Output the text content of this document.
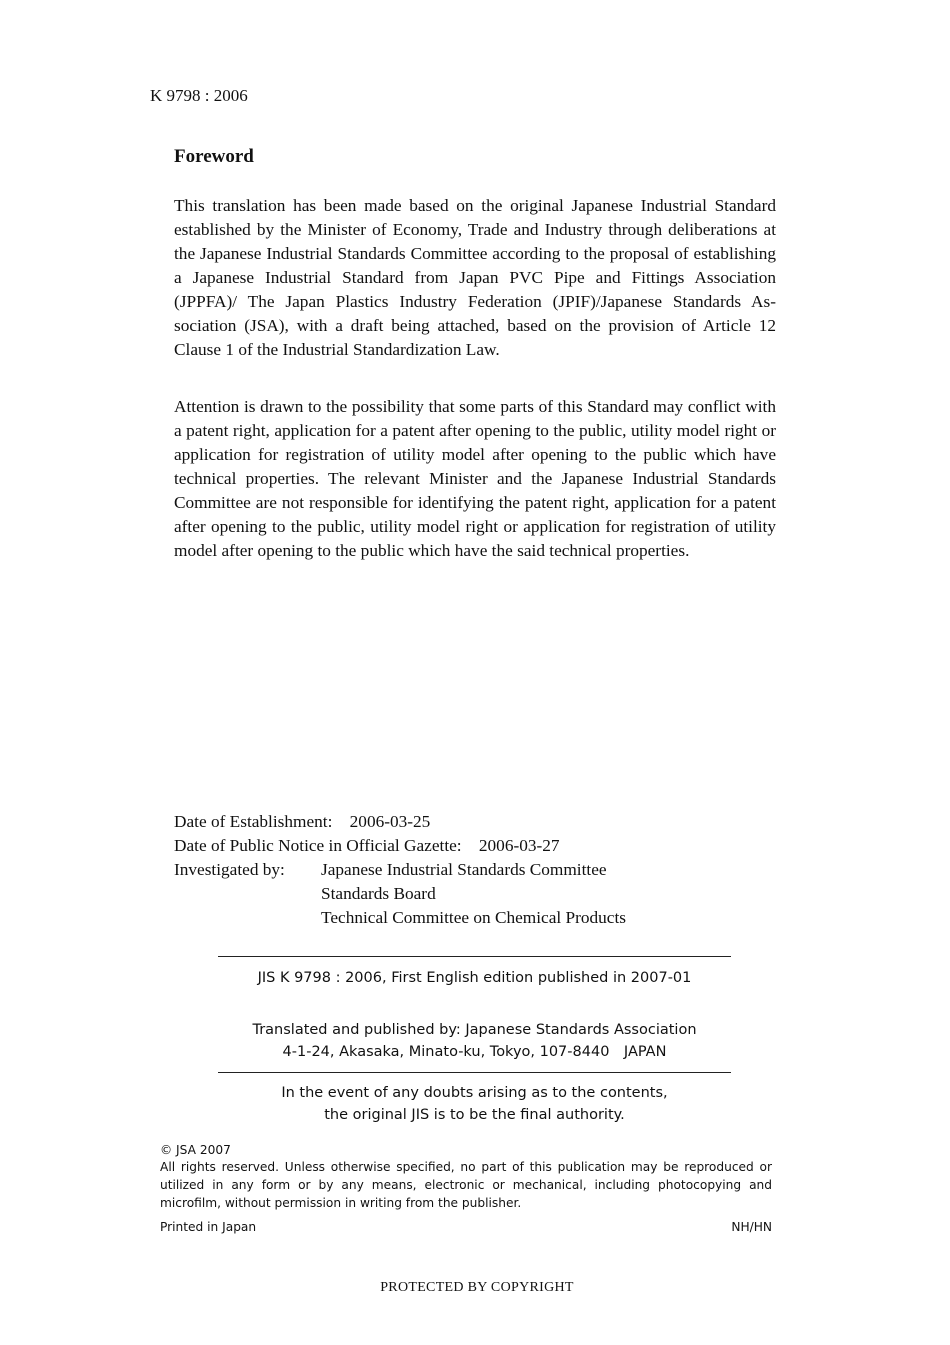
K 9798 : 2006
Foreword
This translation has been made based on the original Japanese Industrial Standard established by the Minister of Economy, Trade and Industry through deliberations at the Japanese Industrial Standards Committee according to the proposal of establishing a Japanese Industrial Standard from Japan PVC Pipe and Fittings Association (JPPFA)/ The Japan Plastics Industry Federation (JPIF)/Japanese Standards Association (JSA), with a draft being attached, based on the provision of Article 12 Clause 1 of the Industrial Standardization Law.
Attention is drawn to the possibility that some parts of this Standard may conflict with a patent right, application for a patent after opening to the public, utility model right or application for registration of utility model after opening to the public which have technical properties. The relevant Minister and the Japanese Industrial Standards Committee are not responsible for identifying the patent right, application for a patent after opening to the public, utility model right or application for registration of utility model after opening to the public which have the said technical properties.
Date of Establishment: 2006-03-25
Date of Public Notice in Official Gazette: 2006-03-27
Investigated by:	Japanese Industrial Standards Committee
Standards Board
Technical Committee on Chemical Products
JIS K 9798 : 2006, First English edition published in 2007-01
Translated and published by: Japanese Standards Association
4-1-24, Akasaka, Minato-ku, Tokyo, 107-8440 JAPAN
In the event of any doubts arising as to the contents,
the original JIS is to be the final authority.
© JSA 2007
All rights reserved. Unless otherwise specified, no part of this publication may be reproduced or utilized in any form or by any means, electronic or mechanical, including photocopying and microfilm, without permission in writing from the publisher.
Printed in Japan	NH/HN
PROTECTED BY COPYRIGHT
